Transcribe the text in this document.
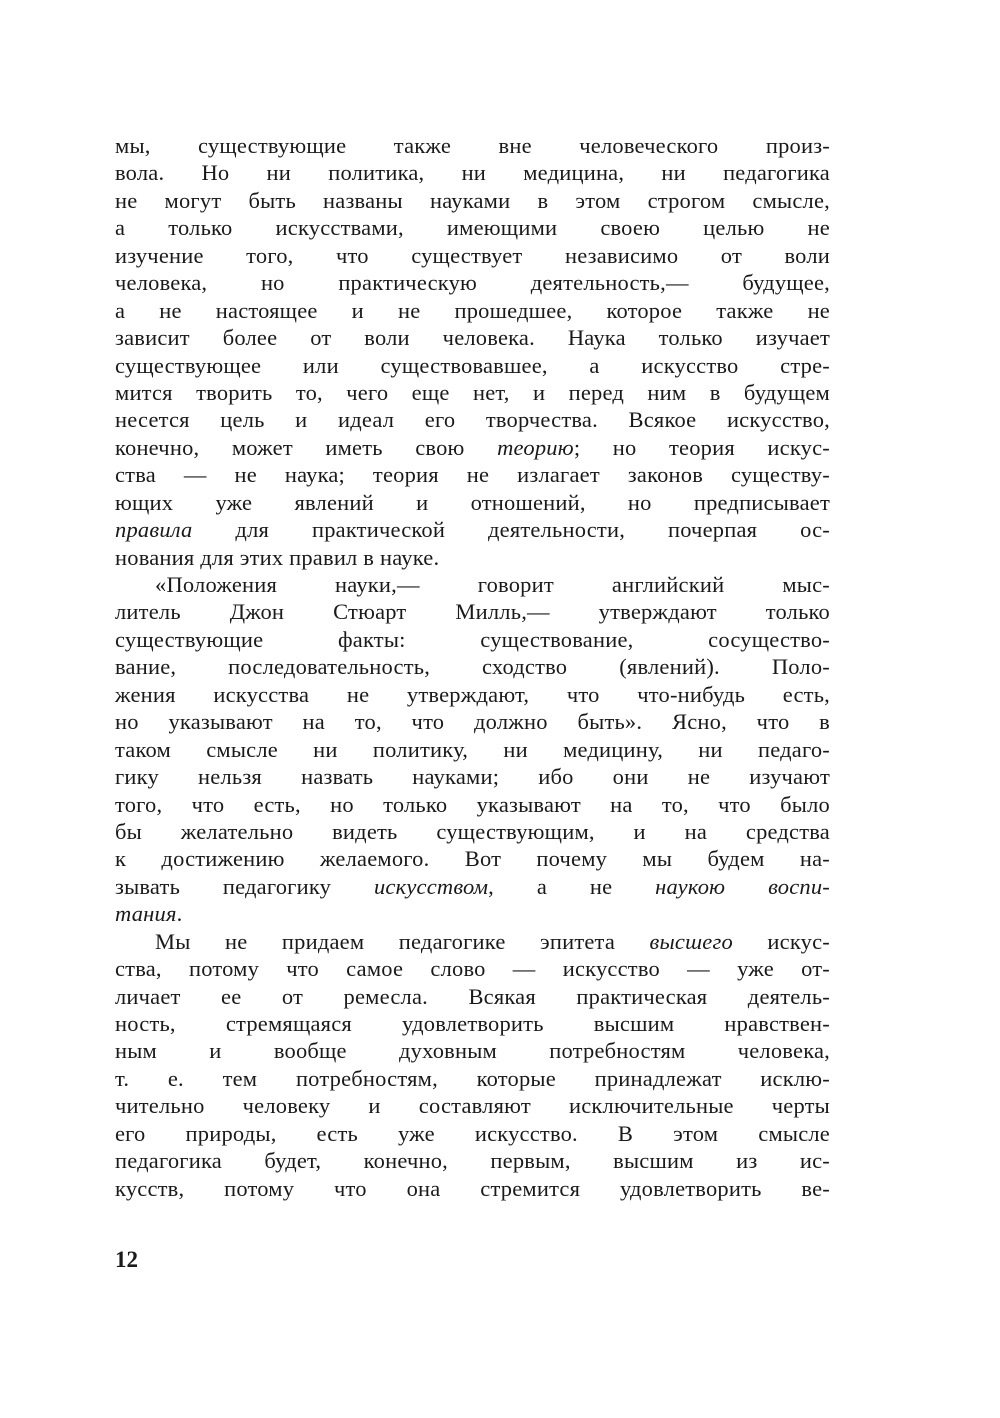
мы, существующие также вне человеческого произ-
вола. Но ни политика, ни медицина, ни педагогика
не могут быть названы науками в этом строгом смысле,
а только искусствами, имеющими своею целью не
изучение того, что существует независимо от воли
человека, но практическую деятельность,— будущее,
а не настоящее и не прошедшее, которое также не
зависит более от воли человека. Наука только изучает
существующее или существовавшее, а искусство стре-
мится творить то, чего еще нет, и перед ним в будущем
несется цель и идеал его творчества. Всякое искусство,
конечно, может иметь свою теорию; но теория искус-
ства — не наука; теория не излагает законов существу-
ющих уже явлений и отношений, но предписывает
правила для практической деятельности, почерпая ос-
нования для этих правил в науке.
«Положения науки,— говорит английский мыс-
литель Джон Стюарт Милль,— утверждают только
существующие факты: существование, сосущество-
вание, последовательность, сходство (явлений). Поло-
жения искусства не утверждают, что что-нибудь есть,
но указывают на то, что должно быть». Ясно, что в
таком смысле ни политику, ни медицину, ни педаго-
гику нельзя назвать науками; ибо они не изучают
того, что есть, но только указывают на то, что было
бы желательно видеть существующим, и на средства
к достижению желаемого. Вот почему мы будем на-
зывать педагогику искусством, а не наукою воспи-
тания.
Мы не придаем педагогике эпитета высшего искус-
ства, потому что самое слово — искусство — уже от-
личает ее от ремесла. Всякая практическая деятель-
ность, стремящаяся удовлетворить высшим нравствен-
ным и вообще духовным потребностям человека,
т. е. тем потребностям, которые принадлежат исклю-
чительно человеку и составляют исключительные черты
его природы, есть уже искусство. В этом смысле
педагогика будет, конечно, первым, высшим из ис-
кусств, потому что она стремится удовлетворить ве-
12
